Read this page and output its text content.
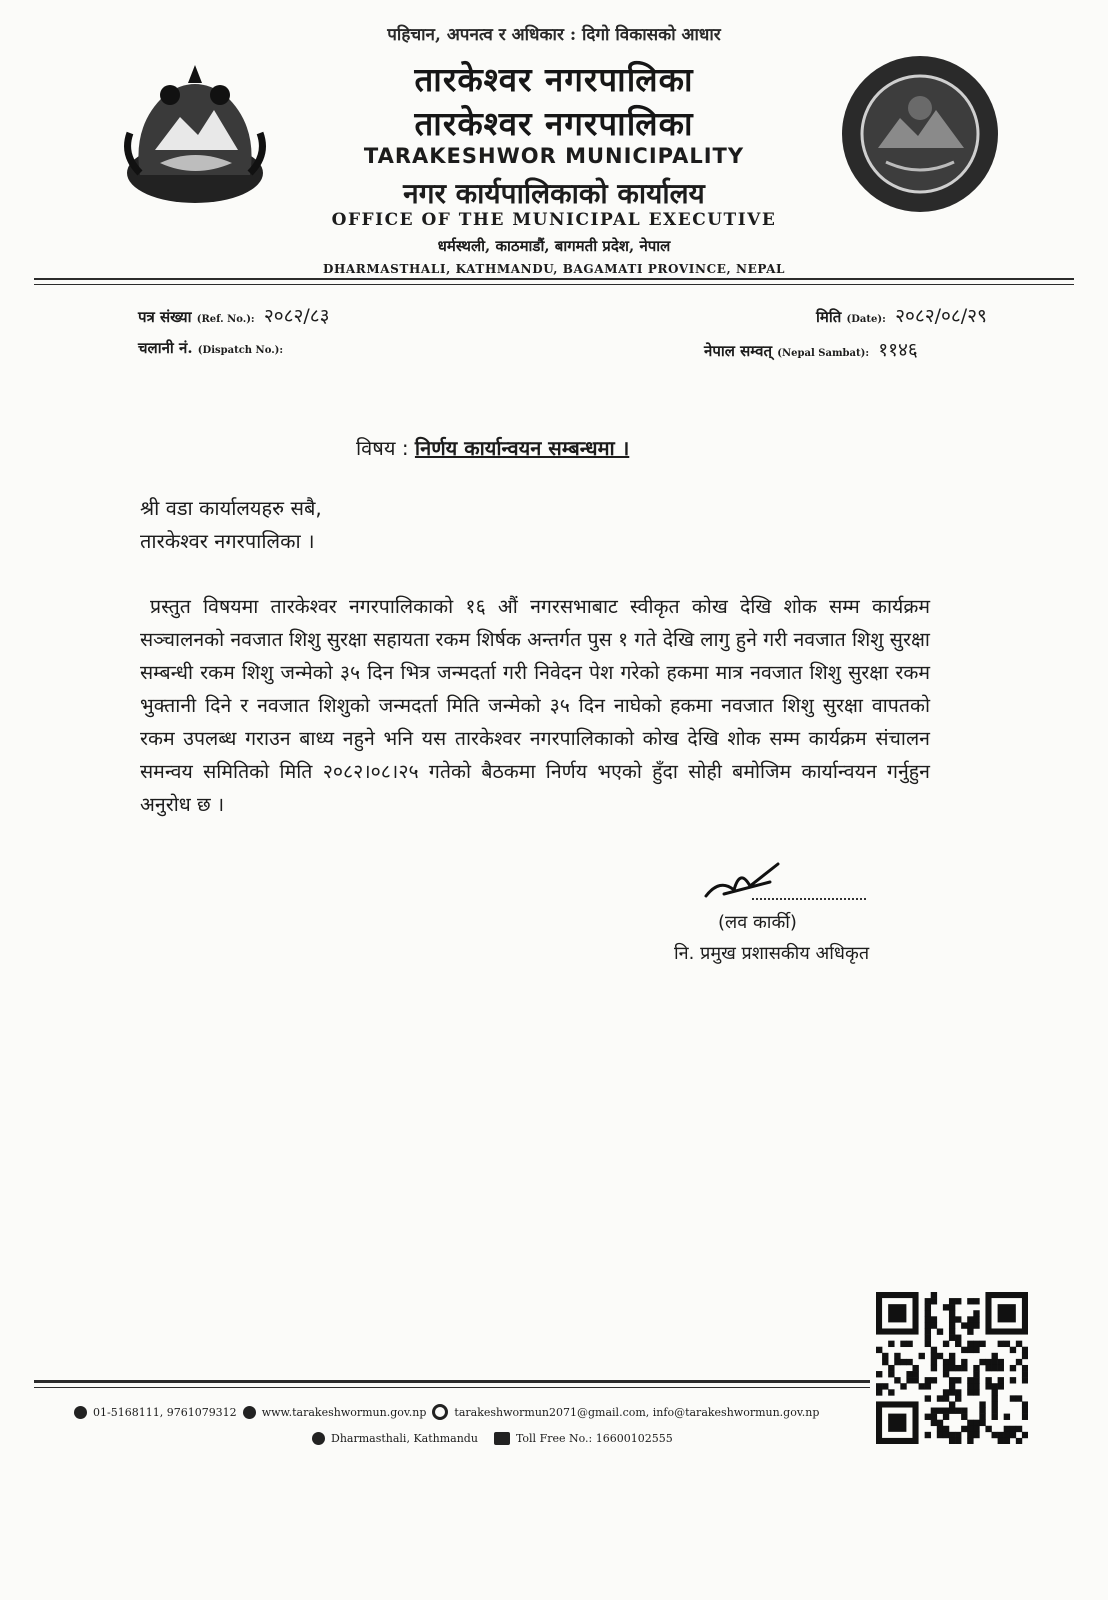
पहिचान, अपनत्व र अधिकार : दिगो विकासको आधार
तारकेश्वर नगरपालिका
तारकेश्वर नगरपालिका
TARAKESHWOR MUNICIPALITY
नगर कार्यपालिकाको कार्यालय
OFFICE OF THE MUNICIPAL EXECUTIVE
धर्मस्थली, काठमाडौं, बागमती प्रदेश, नेपाल
DHARMASTHALI, KATHMANDU, BAGAMATI PROVINCE, NEPAL
पत्र संख्या (Ref. No.): २०८२/८३
चलानी नं. (Dispatch No.):
मिति (Date): २०८२/०८/२९
नेपाल सम्वत् (Nepal Sambat): ११४६
विषय : निर्णय कार्यान्वयन सम्बन्धमा ।
श्री वडा कार्यालयहरु सबै,
तारकेश्वर नगरपालिका ।
प्रस्तुत विषयमा तारकेश्वर नगरपालिकाको १६ औं नगरसभाबाट स्वीकृत कोख देखि शोक सम्म कार्यक्रम सञ्चालनको नवजात शिशु सुरक्षा सहायता रकम शिर्षक अन्तर्गत पुस १ गते देखि लागु हुने गरी नवजात शिशु सुरक्षा सम्बन्धी रकम शिशु जन्मेको ३५ दिन भित्र जन्मदर्ता गरी निवेदन पेश गरेको हकमा मात्र नवजात शिशु सुरक्षा रकम भुक्तानी दिने र नवजात शिशुको जन्मदर्ता मिति जन्मेको ३५ दिन नाघेको हकमा नवजात शिशु सुरक्षा वापतको रकम उपलब्ध गराउन बाध्य नहुने भनि यस तारकेश्वर नगरपालिकाको कोख देखि शोक सम्म कार्यक्रम संचालन समन्वय समितिको मिति २०८२।०८।२५ गतेको बैठकमा निर्णय भएको हुँदा सोही बमोजिम कार्यान्वयन गर्नुहुन अनुरोध छ ।
(लव कार्की)
नि. प्रमुख प्रशासकीय अधिकृत
01-5168111, 9761079312 www.tarakeshwormun.gov.np	tarakeshwormun2071@gmail.com, info@tarakeshwormun.gov.np
Dharmasthali, Kathmandu	Toll Free No.: 16600102555
